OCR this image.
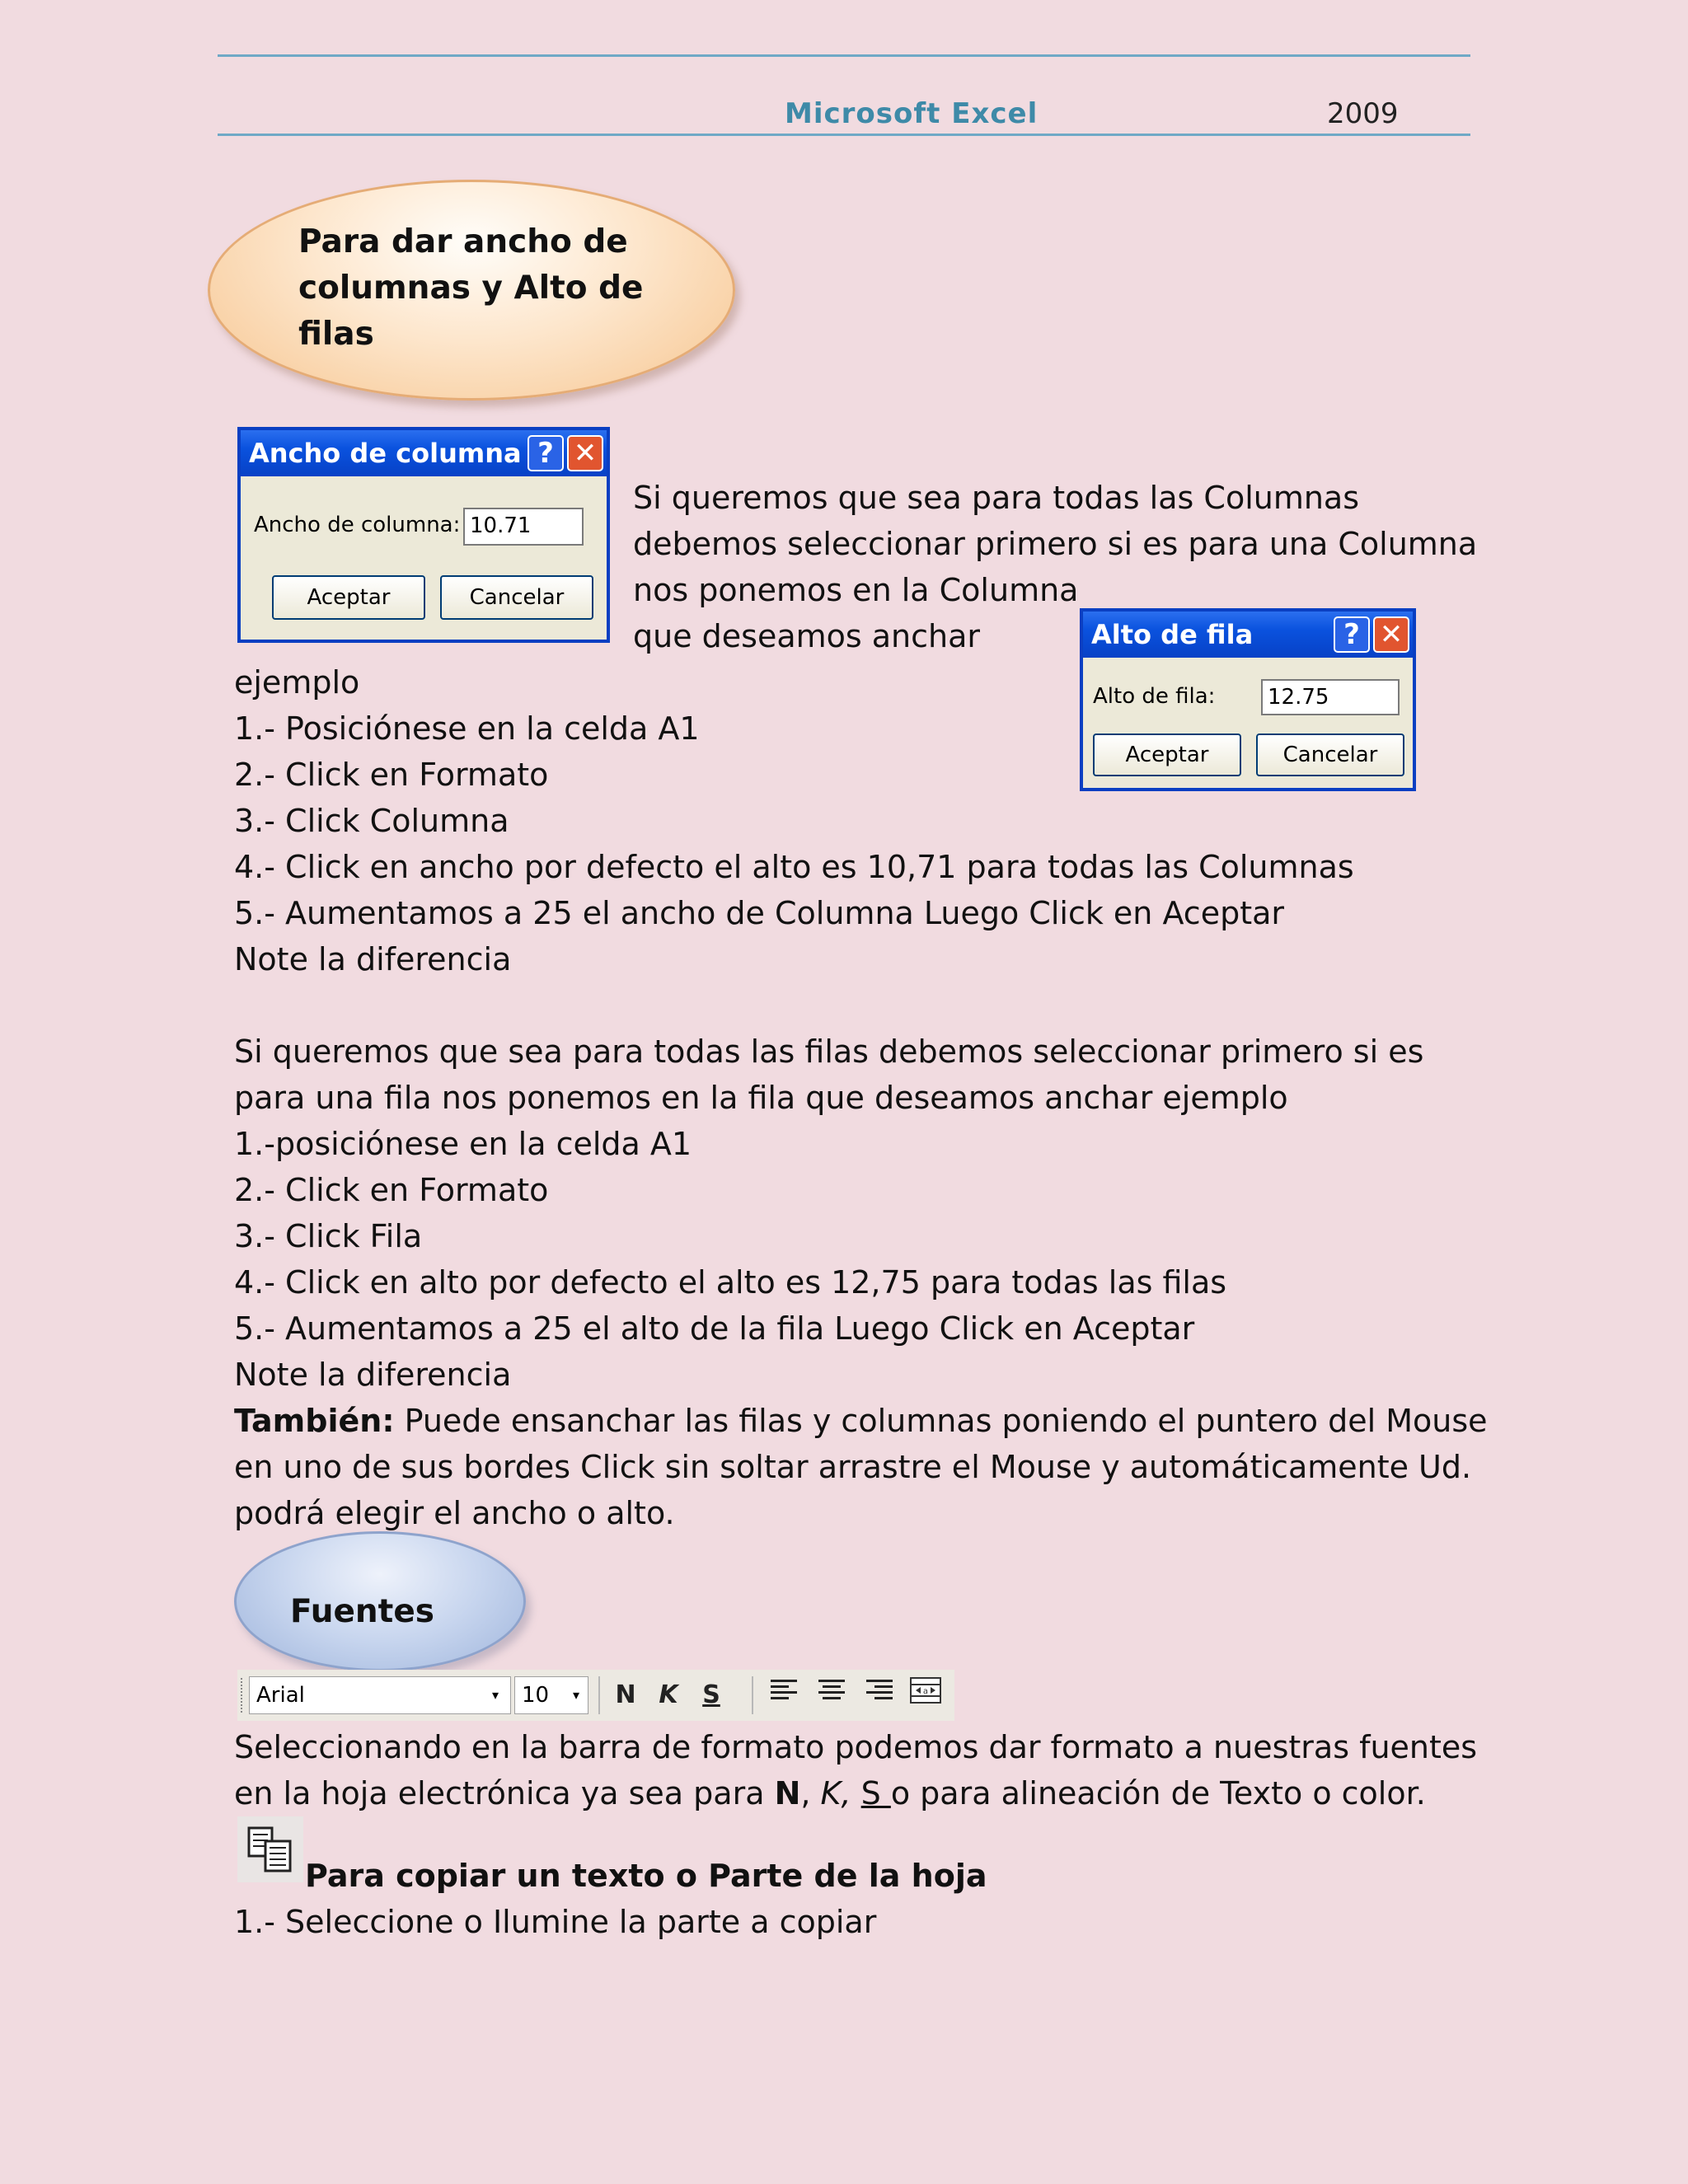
Microsoft Excel	2009
Para dar ancho de
columnas y Alto de
filas
Ancho de columna ? ✕
Ancho de columna: 10.71
Aceptar	Cancelar
Si queremos que sea para todas las Columnas
debemos seleccionar primero si es para una Columna
nos ponemos en la Columna
que deseamos anchar	Alto de fila	? ✕
Alto de fila:	12.75
Aceptar	Cancelar
ejemplo
1.- Posiciónese en la celda A1
2.- Click en Formato
3.- Click Columna
4.- Click en ancho por defecto el alto es 10,71 para todas las Columnas
5.- Aumentamos a 25 el ancho de Columna Luego Click en Aceptar
Note la diferencia
Si queremos que sea para todas las filas debemos seleccionar primero si es
para una fila nos ponemos en la fila que deseamos anchar ejemplo
1.-posiciónese en la celda A1
2.- Click en Formato
3.- Click Fila
4.- Click en alto por defecto el alto es 12,75 para todas las filas
5.- Aumentamos a 25 el alto de la fila Luego Click en Aceptar
Note la diferencia
También: Puede ensanchar las filas y columnas poniendo el puntero del Mouse
en uno de sus bordes Click sin soltar arrastre el Mouse y automáticamente Ud.
podrá elegir el ancho o alto.
Fuentes
Arial	▾	10	▾	N K S	a
Seleccionando en la barra de formato podemos dar formato a nuestras fuentes
en la hoja electrónica ya sea para N, K, S o para alineación de Texto o color.
Para copiar un texto o Parte de la hoja
1.- Seleccione o Ilumine la parte a copiar
